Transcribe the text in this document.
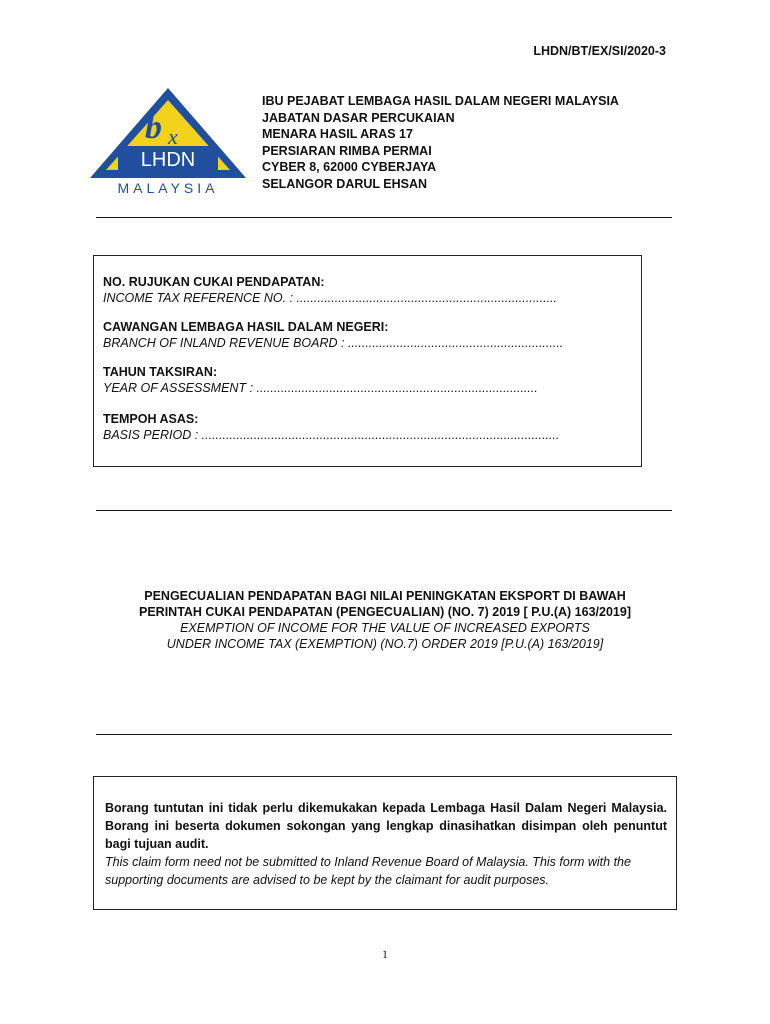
LHDN/BT/EX/SI/2020-3
b x
LHDN
MALAYSIA
IBU PEJABAT LEMBAGA HASIL DALAM NEGERI MALAYSIA
JABATAN DASAR PERCUKAIAN
MENARA HASIL ARAS 17
PERSIARAN RIMBA PERMAI
CYBER 8, 62000 CYBERJAYA
SELANGOR DARUL EHSAN
NO. RUJUKAN CUKAI PENDAPATAN:
INCOME TAX REFERENCE NO. : ...........................................................................
CAWANGAN LEMBAGA HASIL DALAM NEGERI:
BRANCH OF INLAND REVENUE BOARD : ..............................................................
TAHUN TAKSIRAN:
YEAR OF ASSESSMENT : .................................................................................
TEMPOH ASAS:
BASIS PERIOD : .......................................................................................................
PENGECUALIAN PENDAPATAN BAGI NILAI PENINGKATAN EKSPORT DI BAWAH
PERINTAH CUKAI PENDAPATAN (PENGECUALIAN) (NO. 7) 2019 [ P.U.(A) 163/2019]
EXEMPTION OF INCOME FOR THE VALUE OF INCREASED EXPORTS
UNDER INCOME TAX (EXEMPTION) (NO.7) ORDER 2019 [P.U.(A) 163/2019]
Borang tuntutan ini tidak perlu dikemukakan kepada Lembaga Hasil Dalam Negeri Malaysia. Borang ini beserta dokumen sokongan yang lengkap dinasihatkan disimpan oleh penuntut bagi tujuan audit.
This claim form need not be submitted to Inland Revenue Board of Malaysia. This form with the supporting documents are advised to be kept by the claimant for audit purposes.
1
